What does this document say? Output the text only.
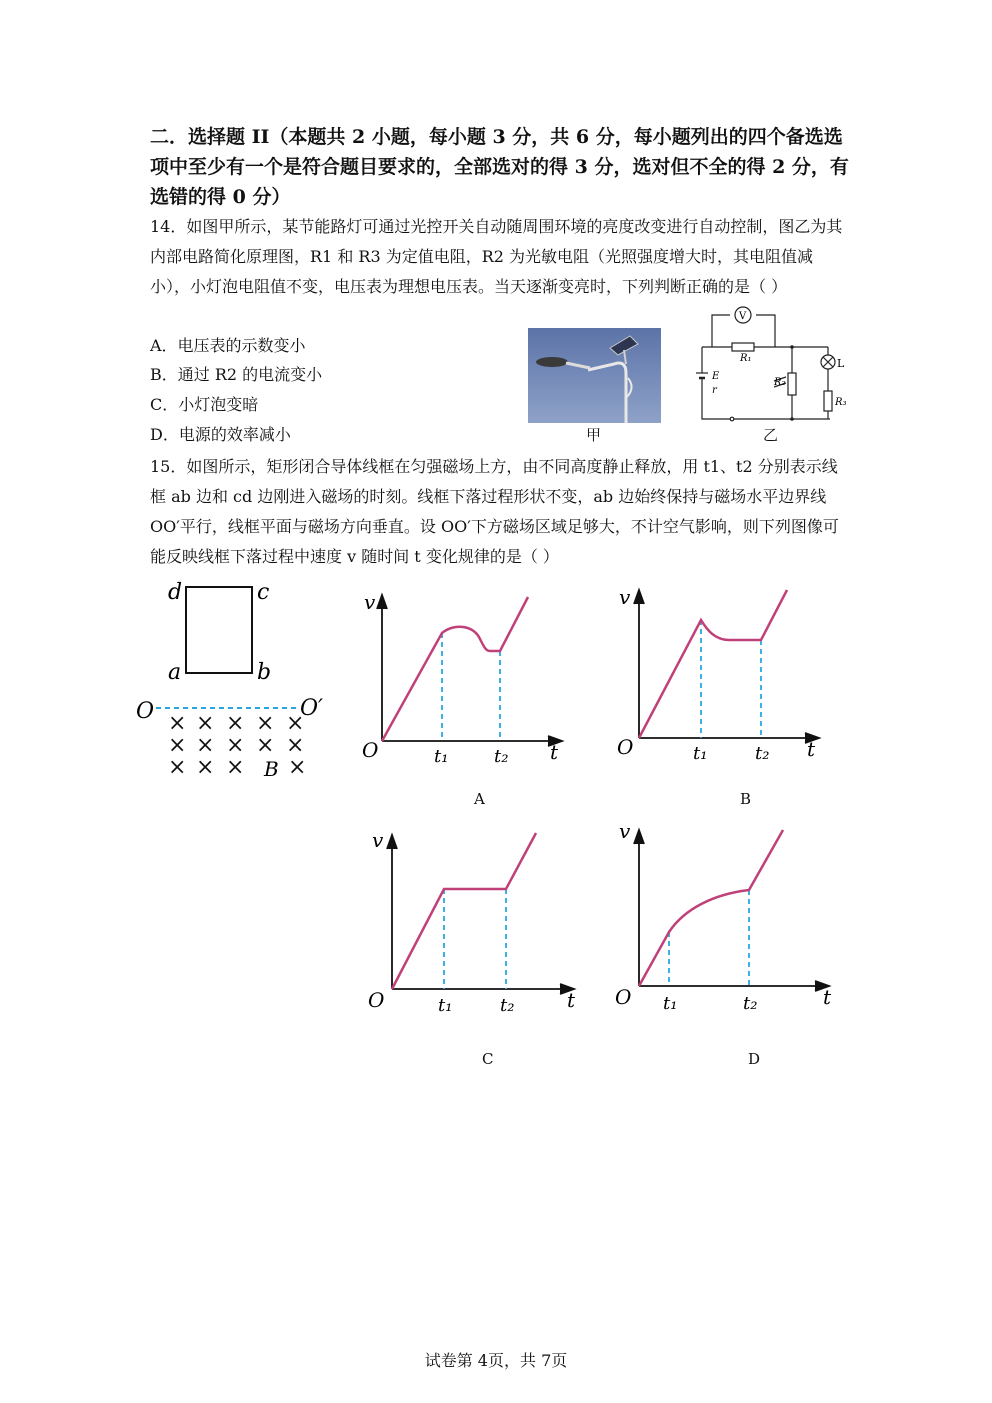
二．选择题 II（本题共 2 小题，每小题 3 分，共 6 分，每小题列出的四个备选选项中至少有一个是符合题目要求的，全部选对的得 3 分，选对但不全的得 2 分，有选错的得 0 分）
14．如图甲所示，某节能路灯可通过光控开关自动随周围环境的亮度改变进行自动控制，图乙为其内部电路简化原理图，R1 和 R3 为定值电阻，R2 为光敏电阻（光照强度增大时，其电阻值减小），小灯泡电阻值不变，电压表为理想电压表。当天逐渐变亮时，下列判断正确的是（ ）
A．电压表的示数变小
B．通过 R2 的电流变小
C．小灯泡变暗
D．电源的效率减小	甲
V
R₁
R₂
L
R₃
E
r
乙
15．如图所示，矩形闭合导体线框在匀强磁场上方，由不同高度静止释放，用 t1、t2 分别表示线框 ab 边和 cd 边刚进入磁场的时刻。线框下落过程形状不变，ab 边始终保持与磁场水平边界线 OO′平行，线框平面与磁场方向垂直。设 OO′下方磁场区域足够大，不计空气影响，则下列图像可能反映线框下落过程中速度 v 随时间 t 变化规律的是（ ）
d	c
a	b
O	O′
× × × × ×
× × × × ×
× × × ×
B
v
O	t₁	t₂ t
A
v
O	t₁	t₂ t
B
v
O	t₁	t₂	t
C
v
O t₁	t₂	t
D
试卷第 4页，共 7页
